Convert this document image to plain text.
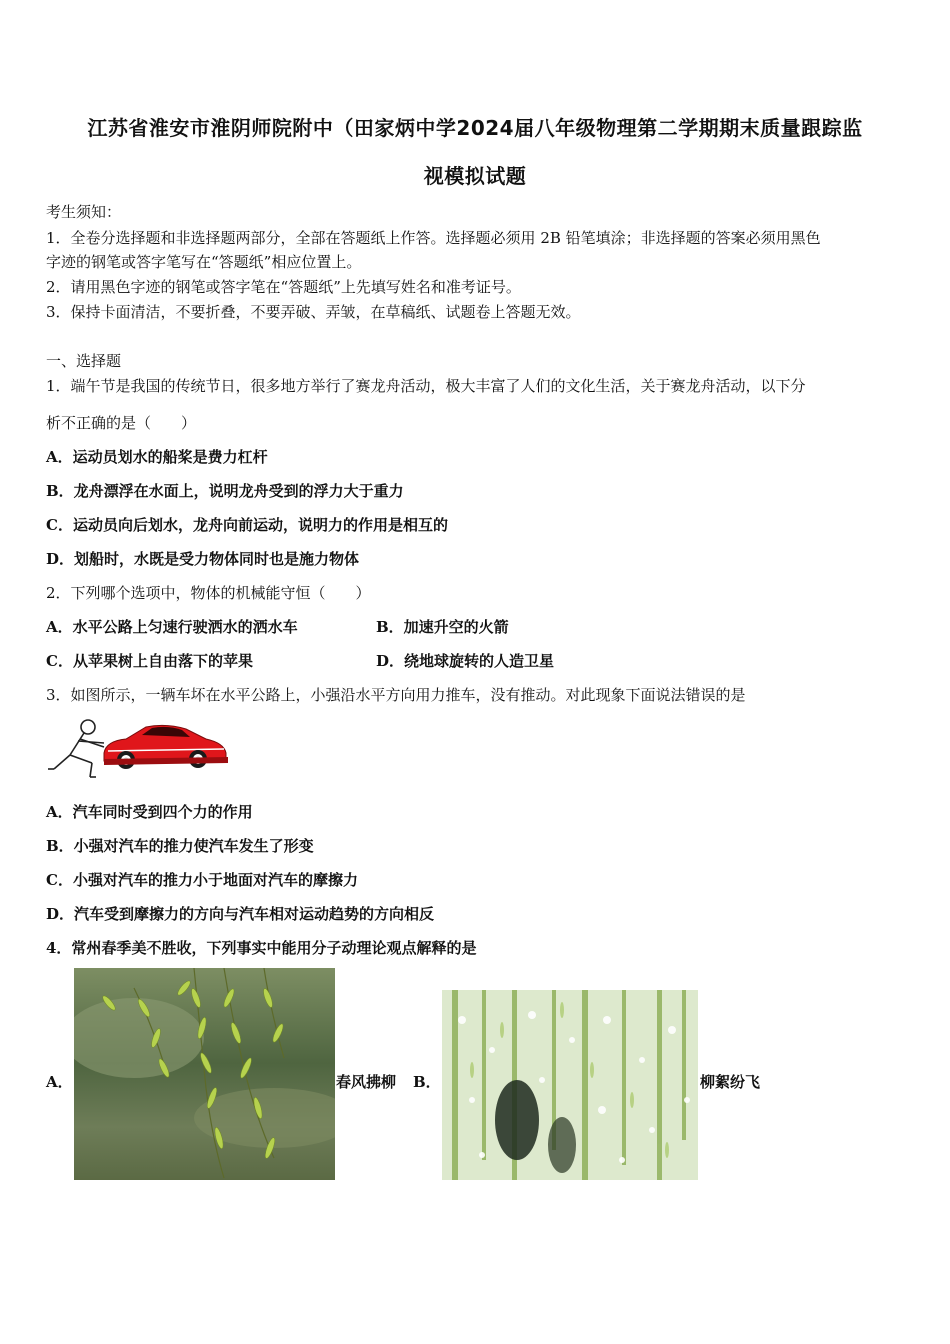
江苏省淮安市淮阴师院附中（田家炳中学2024届八年级物理第二学期期末质量跟踪监
视模拟试题
考生须知：
1．全卷分选择题和非选择题两部分，全部在答题纸上作答。选择题必须用 2B 铅笔填涂；非选择题的答案必须用黑色
字迹的钢笔或答字笔写在“答题纸”相应位置上。
2．请用黑色字迹的钢笔或答字笔在“答题纸”上先填写姓名和准考证号。
3．保持卡面清洁，不要折叠，不要弄破、弄皱，在草稿纸、试题卷上答题无效。
一、选择题
1．端午节是我国的传统节日，很多地方举行了赛龙舟活动，极大丰富了人们的文化生活，关于赛龙舟活动，以下分
析不正确的是（　　）
A．运动员划水的船桨是费力杠杆
B．龙舟漂浮在水面上，说明龙舟受到的浮力大于重力
C．运动员向后划水，龙舟向前运动，说明力的作用是相互的
D．划船时，水既是受力物体同时也是施力物体
2．下列哪个选项中，物体的机械能守恒（　　）
A．水平公路上匀速行驶洒水的洒水车	B．加速升空的火箭
C．从苹果树上自由落下的苹果	D．绕地球旋转的人造卫星
3．如图所示，一辆车坏在水平公路上，小强沿水平方向用力推车，没有推动。对此现象下面说法错误的是
A．汽车同时受到四个力的作用
B．小强对汽车的推力使汽车发生了形变
C．小强对汽车的推力小于地面对汽车的摩擦力
D．汽车受到摩擦力的方向与汽车相对运动趋势的方向相反
4．常州春季美不胜收，下列事实中能用分子动理论观点解释的是
A．	春风拂柳 B．	柳絮纷飞
